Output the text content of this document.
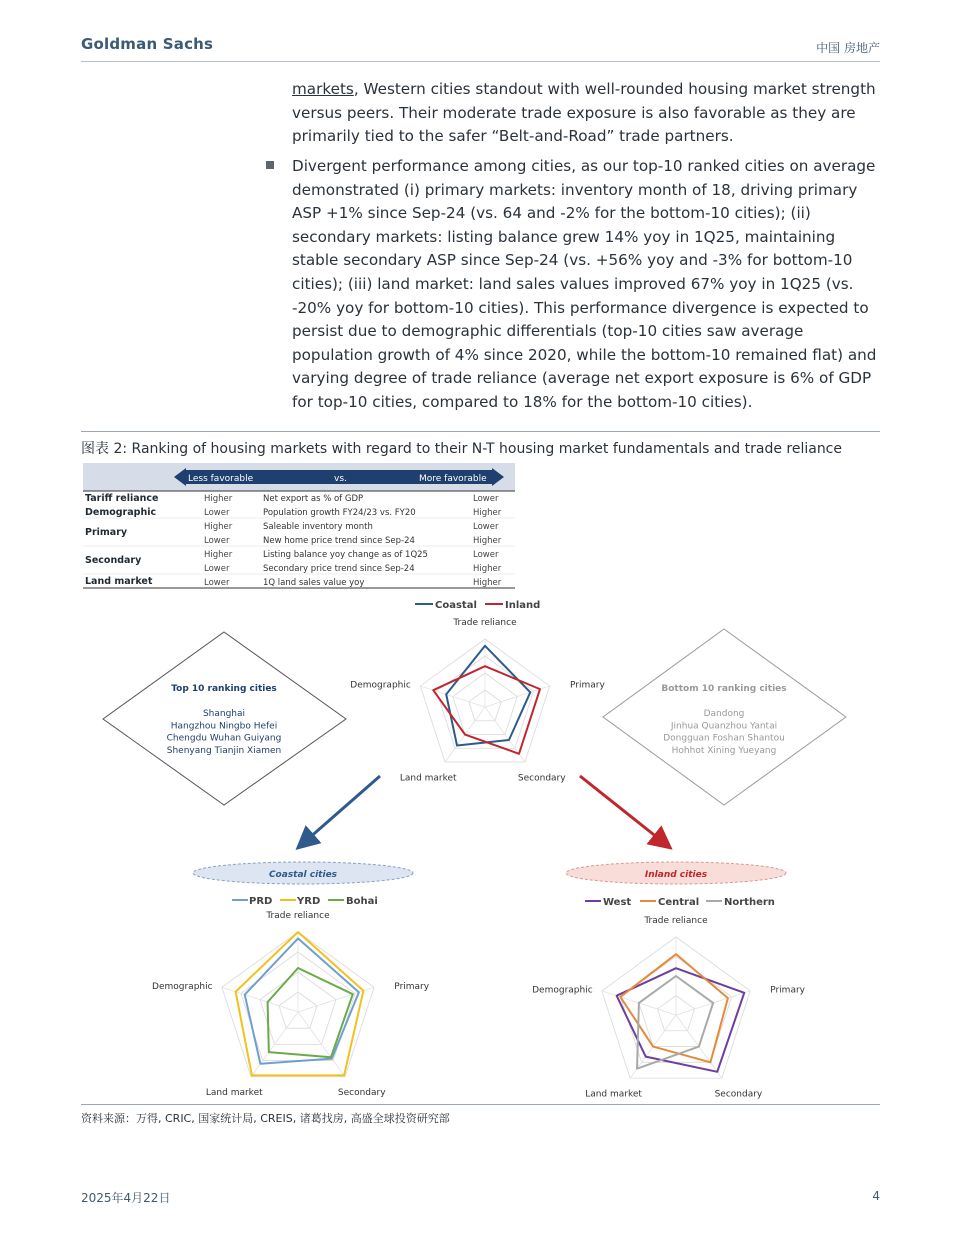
Goldman Sachs	中国 房地产
markets, Western cities standout with well-rounded housing market strength versus peers. Their moderate trade exposure is also favorable as they are primarily tied to the safer “Belt-and-Road” trade partners.
Divergent performance among cities, as our top-10 ranked cities on average demonstrated (i) primary markets: inventory month of 18, driving primary ASP +1% since Sep-24 (vs. 64 and -2% for the bottom-10 cities); (ii) secondary markets: listing balance grew 14% yoy in 1Q25, maintaining stable secondary ASP since Sep-24 (vs. +56% yoy and -3% for bottom-10 cities); (iii) land market: land sales values improved 67% yoy in 1Q25 (vs. -20% yoy for bottom-10 cities). This performance divergence is expected to persist due to demographic differentials (top-10 cities saw average population growth of 4% since 2020, while the bottom-10 remained flat) and varying degree of trade reliance (average net export exposure is 6% of GDP for top-10 cities, compared to 18% for the bottom-10 cities).
图表 2: Ranking of housing markets with regard to their N-T housing market fundamentals and trade reliance
Less favorable	vs.	More favorable
Tariff reliance	Higher	Net export as % of GDP	Lower
Demographic	Lower	Population growth FY24/23 vs. FY20	Higher
Primary	Higher	Saleable inventory month	Lower
Lower	New home price trend since Sep-24	Higher
Secondary	Higher	Listing balance yoy change as of 1Q25	Lower
Lower	Secondary price trend since Sep-24	Higher
Land market	Lower	1Q land sales value yoy	Higher
Coastal	Inland
Top 10 ranking cities
Shanghai
Hangzhou Ningbo Hefei
Chengdu Wuhan Guiyang
Shenyang Tianjin Xiamen
Bottom 10 ranking cities
Dandong
Jinhua Quanzhou Yantai
Dongguan Foshan Shantou
Hohhot Xining Yueyang
Trade reliance
Primary
Secondary
Land market
Demographic
Trade reliance
Primary
Secondary
Land market
Demographic
Trade reliance
Primary
Secondary
Land market
Demographic
Coastal cities	Inland cities
PRD YRD	Bohai	West	Central Northern
资料来源：万得, CRIC, 国家统计局, CREIS, 诸葛找房, 高盛全球投资研究部
2025年4月22日	4
